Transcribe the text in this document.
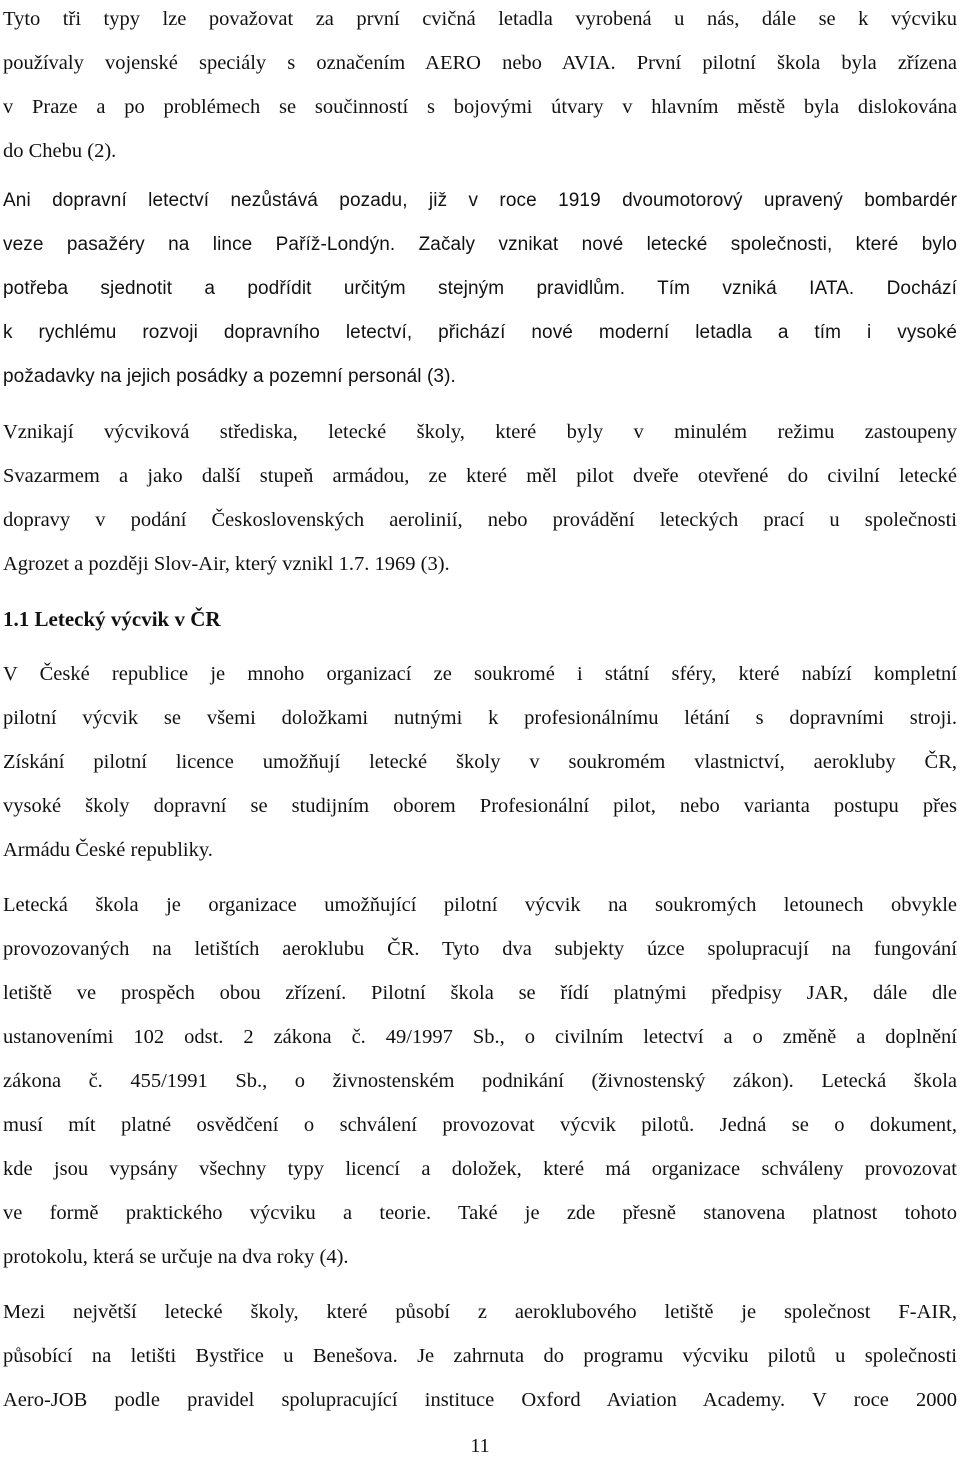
Tyto tři typy lze považovat za první cvičná letadla vyrobená u nás, dále se k výcviku
používaly vojenské speciály s označením AERO nebo AVIA. První pilotní škola byla zřízena
v Praze a po problémech se součinností s bojovými útvary v hlavním městě byla dislokována
do Chebu (2).
Ani dopravní letectví nezůstává pozadu, již v roce 1919 dvoumotorový upravený bombardér
veze pasažéry na lince Paříž-Londýn. Začaly vznikat nové letecké společnosti, které bylo
potřeba sjednotit a podřídit určitým stejným pravidlům. Tím vzniká IATA. Dochází
k rychlému rozvoji dopravního letectví, přichází nové moderní letadla a tím i vysoké
požadavky na jejich posádky a pozemní personál (3).
Vznikají výcviková střediska, letecké školy, které byly v minulém režimu zastoupeny
Svazarmem a jako další stupeň armádou, ze které měl pilot dveře otevřené do civilní letecké
dopravy v podání Československých aerolinií, nebo provádění leteckých prací u společnosti
Agrozet a později Slov-Air, který vznikl 1.7. 1969 (3).
1.1 Letecký výcvik v ČR
V České republice je mnoho organizací ze soukromé i státní sféry, které nabízí kompletní
pilotní výcvik se všemi doložkami nutnými k profesionálnímu létání s dopravními stroji.
Získání pilotní licence umožňují letecké školy v soukromém vlastnictví, aerokluby ČR,
vysoké školy dopravní se studijním oborem Profesionální pilot, nebo varianta postupu přes
Armádu České republiky.
Letecká škola je organizace umožňující pilotní výcvik na soukromých letounech obvykle
provozovaných na letištích aeroklubu ČR. Tyto dva subjekty úzce spolupracují na fungování
letiště ve prospěch obou zřízení. Pilotní škola se řídí platnými předpisy JAR, dále dle
ustanoveními 102 odst. 2 zákona č. 49/1997 Sb., o civilním letectví a o změně a doplnění
zákona č. 455/1991 Sb., o živnostenském podnikání (živnostenský zákon). Letecká škola
musí mít platné osvědčení o schválení provozovat výcvik pilotů. Jedná se o dokument,
kde jsou vypsány všechny typy licencí a doložek, které má organizace schváleny provozovat
ve formě praktického výcviku a teorie. Také je zde přesně stanovena platnost tohoto
protokolu, která se určuje na dva roky (4).
Mezi největší letecké školy, které působí z aeroklubového letiště je společnost F-AIR,
působící na letišti Bystřice u Benešova. Je zahrnuta do programu výcviku pilotů u společnosti
Aero-JOB podle pravidel spolupracující instituce Oxford Aviation Academy. V roce 2000
11
